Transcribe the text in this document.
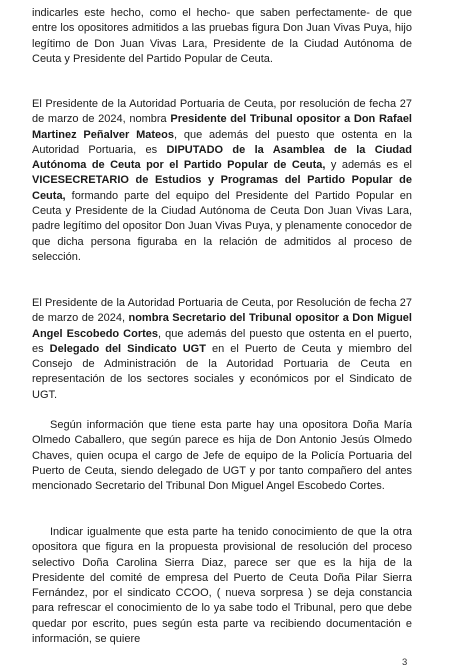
indicarles este hecho, como el hecho- que saben perfectamente- de que entre los opositores admitidos a las pruebas figura Don Juan Vivas Puya, hijo legítimo de Don Juan Vivas Lara, Presidente de la Ciudad Autónoma de Ceuta y Presidente del Partido Popular de Ceuta.

El Presidente de la Autoridad Portuaria de Ceuta, por resolución de fecha 27 de marzo de 2024, nombra Presidente del Tribunal opositor a Don Rafael Martinez Peñalver Mateos, que además del puesto que ostenta en la Autoridad Portuaria, es DIPUTADO de la Asamblea de la Ciudad Autónoma de Ceuta por el Partido Popular de Ceuta, y además es el VICESECRETARIO de Estudios y Programas del Partido Popular de Ceuta, formando parte del equipo del Presidente del Partido Popular en Ceuta y Presidente de la Ciudad Autónoma de Ceuta Don Juan Vivas Lara, padre legítimo del opositor Don Juan Vivas Puya, y plenamente conocedor de que dicha persona figuraba en la relación de admitidos al proceso de selección.

El Presidente de la Autoridad Portuaria de Ceuta, por Resolución de fecha 27 de marzo de 2024, nombra Secretario del Tribunal opositor a Don Miguel Angel Escobedo Cortes, que además del puesto que ostenta en el puerto, es Delegado del Sindicato UGT en el Puerto de Ceuta y miembro del Consejo de Administración de la Autoridad Portuaria de Ceuta en representación de los sectores sociales y económicos por el Sindicato de UGT.

Según información que tiene esta parte hay una opositora Doña María Olmedo Caballero, que según parece es hija de Don Antonio Jesús Olmedo Chaves, quien ocupa el cargo de Jefe de equipo de la Policía Portuaria del Puerto de Ceuta, siendo delegado de UGT y por tanto compañero del antes mencionado Secretario del Tribunal Don Miguel Angel Escobedo Cortes.

Indicar igualmente que esta parte ha tenido conocimiento de que la otra opositora que figura en la propuesta provisional de resolución del proceso selectivo Doña Carolina Sierra Diaz, parece ser que es la hija de la Presidente del comité de empresa del Puerto de Ceuta Doña Pilar Sierra Fernández, por el sindicato CCOO, ( nueva sorpresa ) se deja constancia para refrescar el conocimiento de lo ya sabe todo el Tribunal, pero que debe quedar por escrito, pues según esta parte va recibiendo documentación e información, se quiere

3
